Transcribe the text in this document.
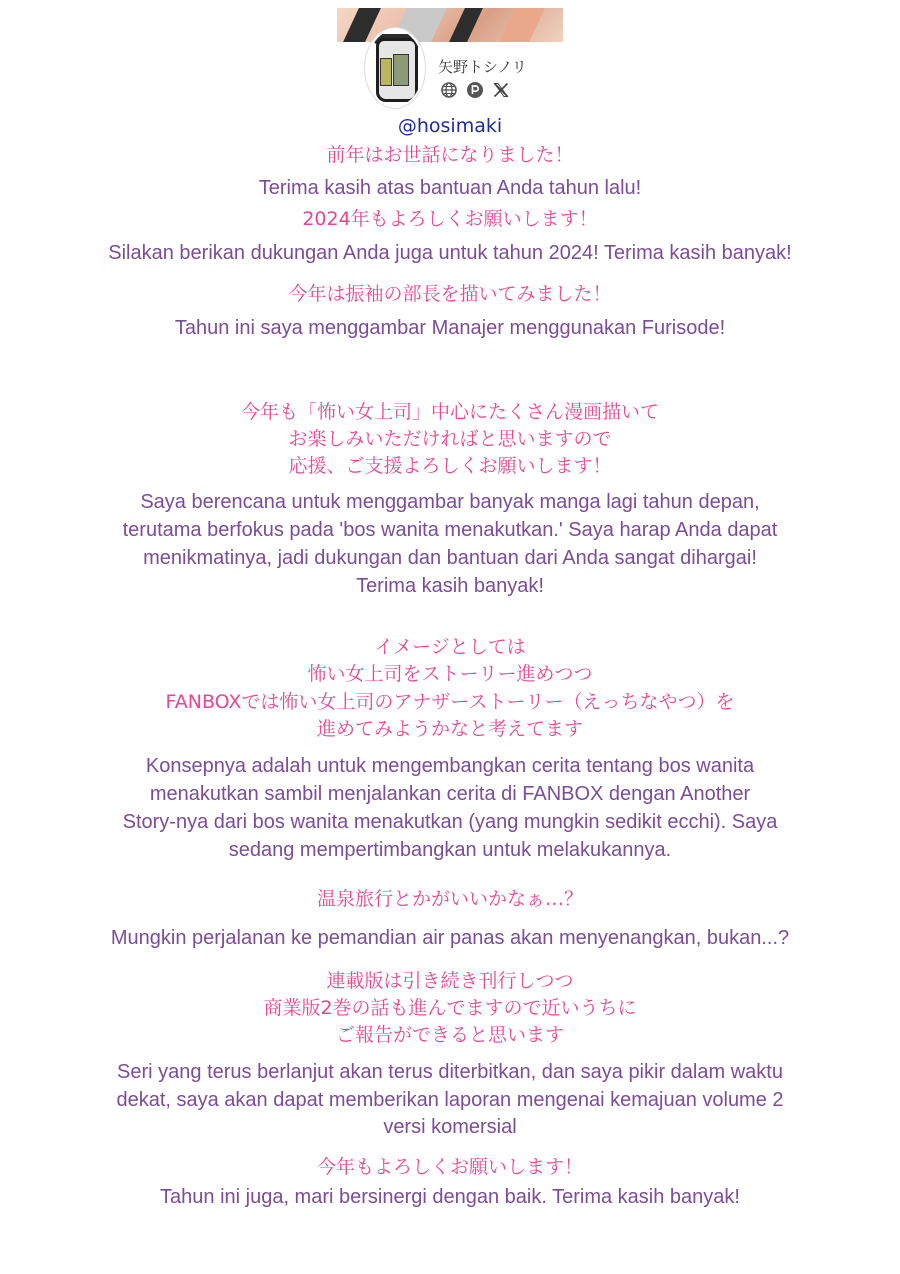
矢野トシノリ
@hosimaki
前年はお世話になりました！
Terima kasih atas bantuan Anda tahun lalu!
2024年もよろしくお願いします！
Silakan berikan dukungan Anda juga untuk tahun 2024! Terima kasih banyak!
今年は振袖の部長を描いてみました！
Tahun ini saya menggambar Manajer menggunakan Furisode!
今年も「怖い女上司」中心にたくさん漫画描いて
お楽しみいただければと思いますので
応援、ご支援よろしくお願いします！
Saya berencana untuk menggambar banyak manga lagi tahun depan,
terutama berfokus pada 'bos wanita menakutkan.' Saya harap Anda dapat
menikmatinya, jadi dukungan dan bantuan dari Anda sangat dihargai!
Terima kasih banyak!
イメージとしては
怖い女上司をストーリー進めつつ
FANBOXでは怖い女上司のアナザーストーリー（えっちなやつ）を
進めてみようかなと考えてます
Konsepnya adalah untuk mengembangkan cerita tentang bos wanita
menakutkan sambil menjalankan cerita di FANBOX dengan Another
Story-nya dari bos wanita menakutkan (yang mungkin sedikit ecchi). Saya
sedang mempertimbangkan untuk melakukannya.
温泉旅行とかがいいかなぁ…？
Mungkin perjalanan ke pemandian air panas akan menyenangkan, bukan...?
連載版は引き続き刊行しつつ
商業版2巻の話も進んでますので近いうちに
ご報告ができると思います
Seri yang terus berlanjut akan terus diterbitkan, dan saya pikir dalam waktu
dekat, saya akan dapat memberikan laporan mengenai kemajuan volume 2
versi komersial
今年もよろしくお願いします！
Tahun ini juga, mari bersinergi dengan baik. Terima kasih banyak!
